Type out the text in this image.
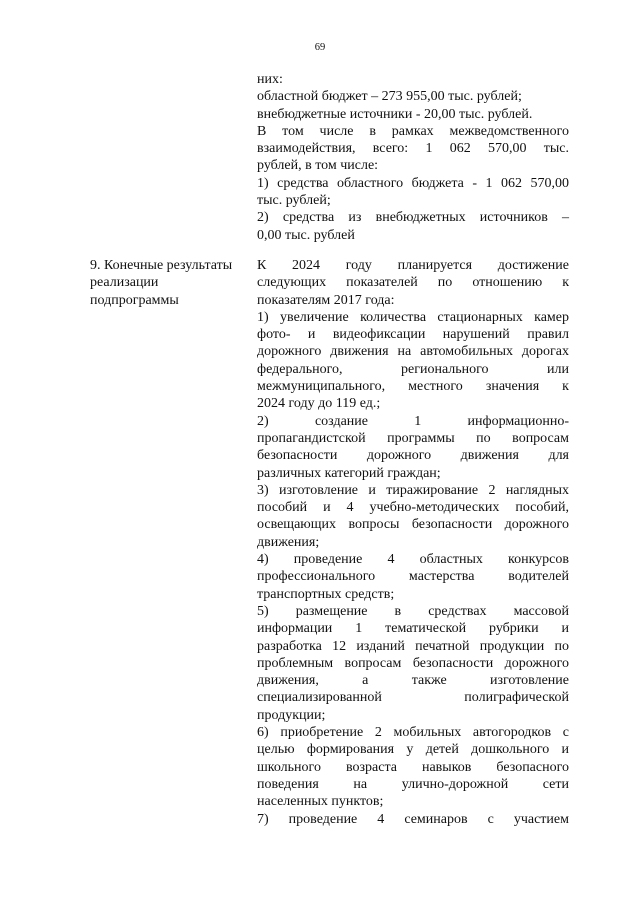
69
них:
областной бюджет – 273 955,00 тыс. рублей;
внебюджетные источники - 20,00 тыс. рублей.
В том числе в рамках межведомственного
взаимодействия, всего: 1 062 570,00 тыс.
рублей, в том числе:
1) средства областного бюджета - 1 062 570,00
тыс. рублей;
2) средства из внебюджетных источников –
0,00 тыс. рублей
9. Конечные результаты
реализации
подпрограммы
К 2024 году планируется достижение
следующих показателей по отношению к
показателям 2017 года:
1) увеличение количества стационарных камер
фото- и видеофиксации нарушений правил
дорожного движения на автомобильных дорогах
федерального, регионального или
межмуниципального, местного значения к
2024 году до 119 ед.;
2) создание 1 информационно-
пропагандистской программы по вопросам
безопасности дорожного движения для
различных категорий граждан;
3) изготовление и тиражирование 2 наглядных
пособий и 4 учебно-методических пособий,
освещающих вопросы безопасности дорожного
движения;
4) проведение 4 областных конкурсов
профессионального мастерства водителей
транспортных средств;
5) размещение в средствах массовой
информации 1 тематической рубрики и
разработка 12 изданий печатной продукции по
проблемным вопросам безопасности дорожного
движения, а также изготовление
специализированной полиграфической
продукции;
6) приобретение 2 мобильных автогородков с
целью формирования у детей дошкольного и
школьного возраста навыков безопасного
поведения на улично-дорожной сети
населенных пунктов;
7) проведение 4 семинаров с участием
